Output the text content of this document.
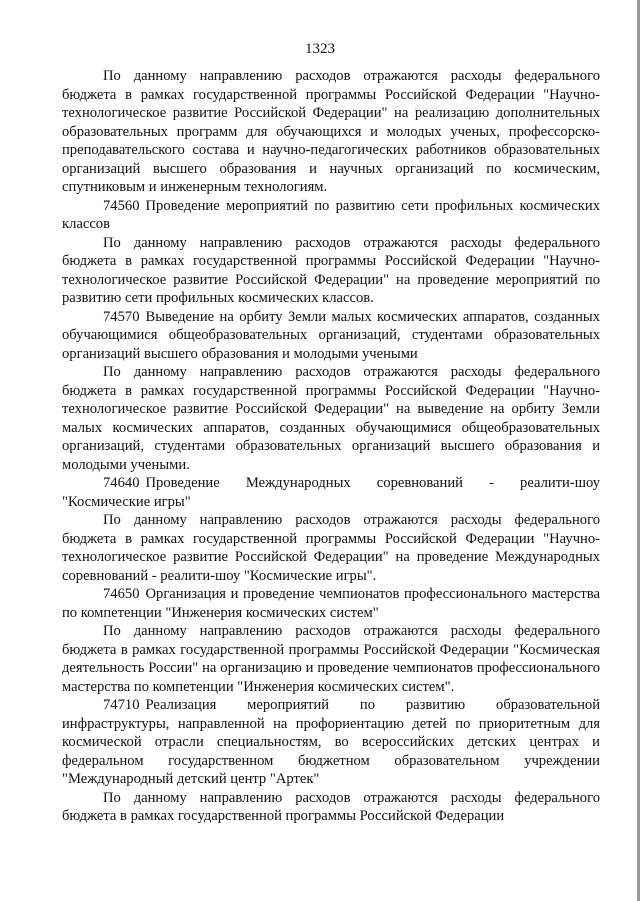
1323

По данному направлению расходов отражаются расходы федерального бюджета в рамках государственной программы Российской Федерации "Научно-технологическое развитие Российской Федерации" на реализацию дополнительных образовательных программ для обучающихся и молодых ученых, профессорско-преподавательского состава и научно-педагогических работников образовательных организаций высшего образования и научных организаций по космическим, спутниковым и инженерным технологиям.

74560 Проведение мероприятий по развитию сети профильных космических классов

По данному направлению расходов отражаются расходы федерального бюджета в рамках государственной программы Российской Федерации "Научно-технологическое развитие Российской Федерации" на проведение мероприятий по развитию сети профильных космических классов.

74570 Выведение на орбиту Земли малых космических аппаратов, созданных обучающимися общеобразовательных организаций, студентами образовательных организаций высшего образования и молодыми учеными

По данному направлению расходов отражаются расходы федерального бюджета в рамках государственной программы Российской Федерации "Научно-технологическое развитие Российской Федерации" на выведение на орбиту Земли малых космических аппаратов, созданных обучающимися общеобразовательных организаций, студентами образовательных организаций высшего образования и молодыми учеными.

74640 Проведение Международных соревнований - реалити-шоу "Космические игры"

По данному направлению расходов отражаются расходы федерального бюджета в рамках государственной программы Российской Федерации "Научно-технологическое развитие Российской Федерации" на проведение Международных соревнований - реалити-шоу "Космические игры".

74650 Организация и проведение чемпионатов профессионального мастерства по компетенции "Инженерия космических систем"

По данному направлению расходов отражаются расходы федерального бюджета в рамках государственной программы Российской Федерации "Космическая деятельность России" на организацию и проведение чемпионатов профессионального мастерства по компетенции "Инженерия космических систем".

74710 Реализация мероприятий по развитию образовательной инфраструктуры, направленной на профориентацию детей по приоритетным для космической отрасли специальностям, во всероссийских детских центрах и федеральном государственном бюджетном образовательном учреждении "Международный детский центр "Артек"

По данному направлению расходов отражаются расходы федерального бюджета в рамках государственной программы Российской Федерации
